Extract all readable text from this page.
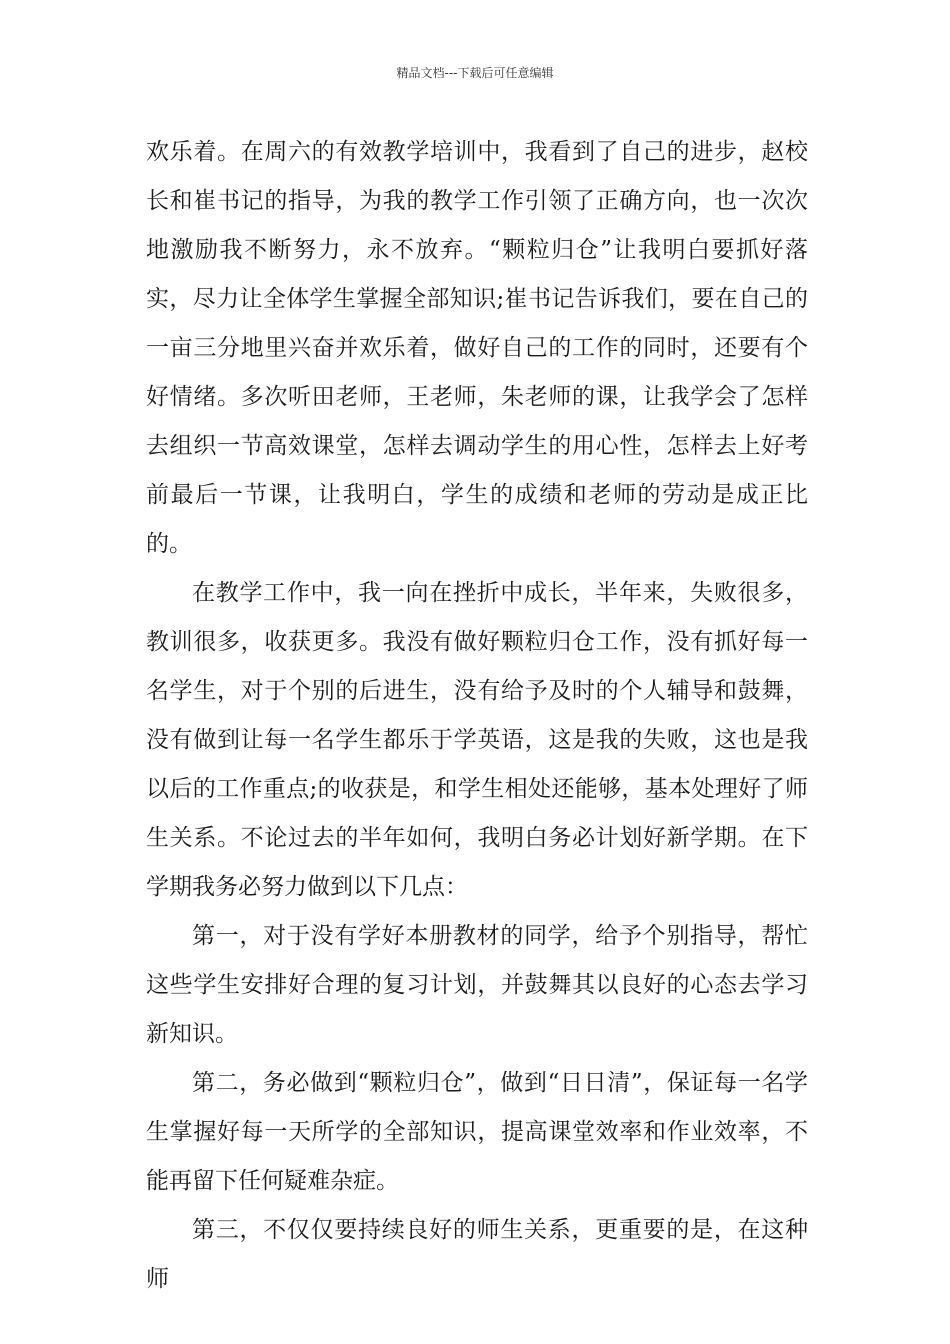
精品文档---下载后可任意编辑

欢乐着。在周六的有效教学培训中，我看到了自己的进步，赵校长和崔书记的指导，为我的教学工作引领了正确方向，也一次次地激励我不断努力，永不放弃。“颗粒归仓”让我明白要抓好落实，尽力让全体学生掌握全部知识;崔书记告诉我们，要在自己的一亩三分地里兴奋并欢乐着，做好自己的工作的同时，还要有个好情绪。多次听田老师，王老师，朱老师的课，让我学会了怎样去组织一节高效课堂，怎样去调动学生的用心性，怎样去上好考前最后一节课，让我明白，学生的成绩和老师的劳动是成正比的。

在教学工作中，我一向在挫折中成长，半年来，失败很多，教训很多，收获更多。我没有做好颗粒归仓工作，没有抓好每一名学生，对于个别的后进生，没有给予及时的个人辅导和鼓舞，没有做到让每一名学生都乐于学英语，这是我的失败，这也是我以后的工作重点;的收获是，和学生相处还能够，基本处理好了师生关系。不论过去的半年如何，我明白务必计划好新学期。在下学期我务必努力做到以下几点：

第一，对于没有学好本册教材的同学，给予个别指导，帮忙这些学生安排好合理的复习计划，并鼓舞其以良好的心态去学习新知识。

第二，务必做到“颗粒归仓”，做到“日日清”，保证每一名学生掌握好每一天所学的全部知识，提高课堂效率和作业效率，不能再留下任何疑难杂症。

第三，不仅仅要持续良好的师生关系，更重要的是，在这种师
